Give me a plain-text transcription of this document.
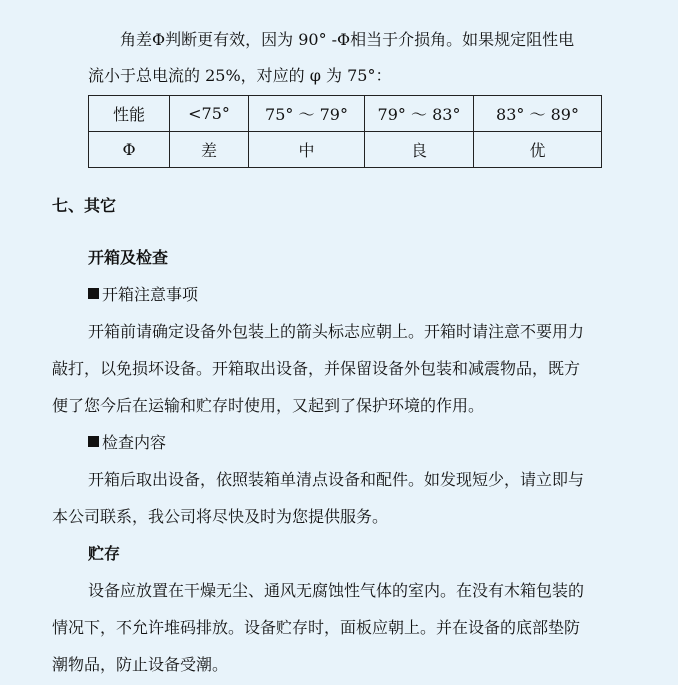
角差Φ判断更有效，因为 90° -Φ相当于介损角。如果规定阻性电
流小于总电流的 25%，对应的 φ 为 75°：
性能	<75°	75° ～ 79°	79° ～ 83°	83° ～ 89°
Φ	差	中	良	优
七、其它
开箱及检查
开箱注意事项
开箱前请确定设备外包装上的箭头标志应朝上。开箱时请注意不要用力
敲打，以免损坏设备。开箱取出设备，并保留设备外包装和减震物品，既方
便了您今后在运输和贮存时使用，又起到了保护环境的作用。
检查内容
开箱后取出设备，依照装箱单清点设备和配件。如发现短少，请立即与
本公司联系，我公司将尽快及时为您提供服务。
贮存
设备应放置在干燥无尘、通风无腐蚀性气体的室内。在没有木箱包装的
情况下，不允许堆码排放。设备贮存时，面板应朝上。并在设备的底部垫防
潮物品，防止设备受潮。
